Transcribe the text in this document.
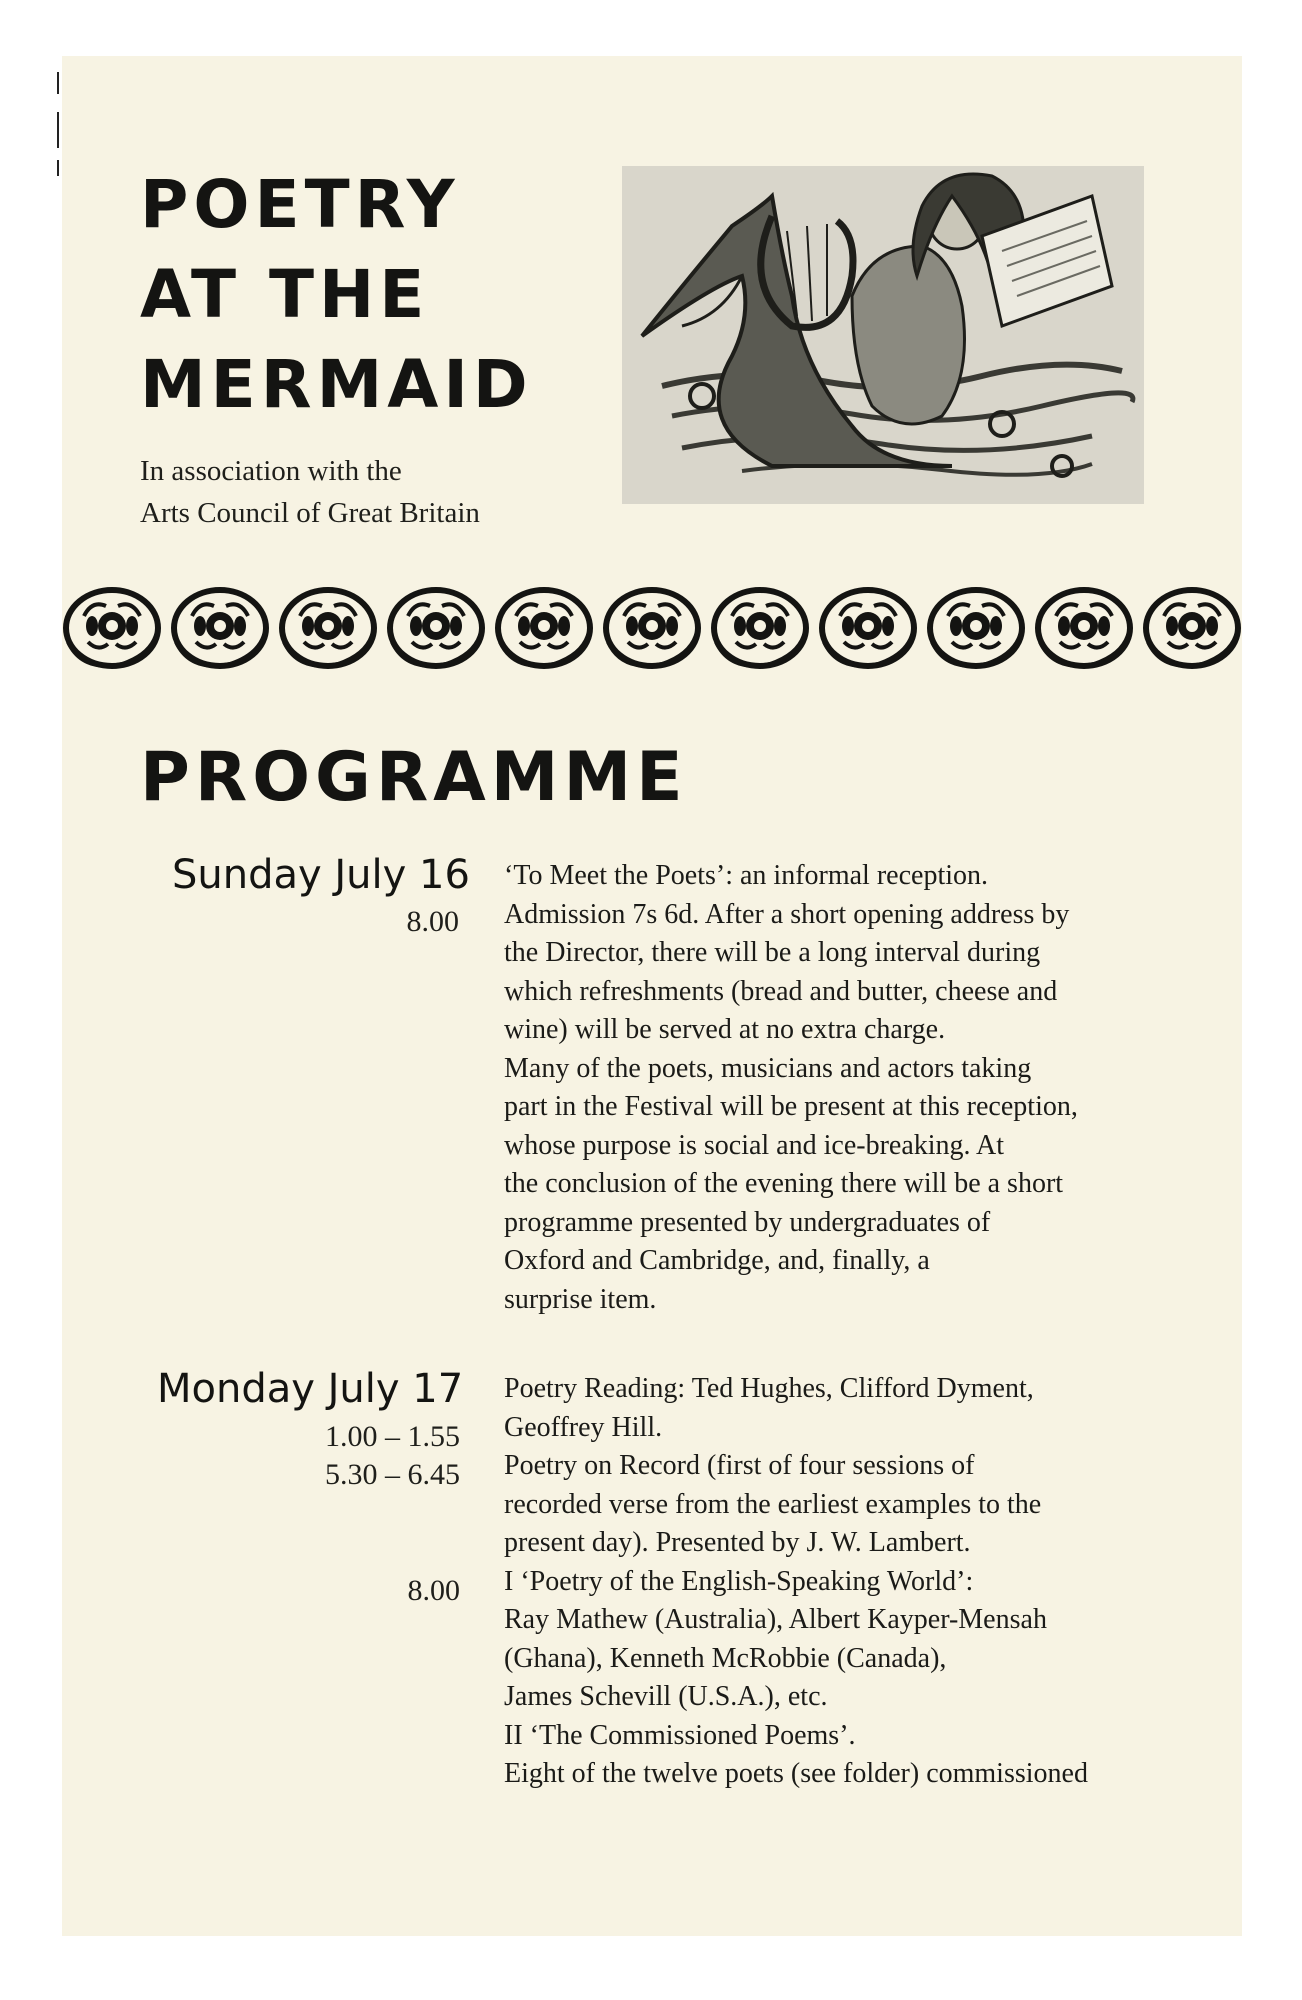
POETRY
AT THE
MERMAID
In association with the
Arts Council of Great Britain
PROGRAMME
Sunday July 16
8.00
‘To Meet the Poets’: an informal reception.
Admission 7s 6d. After a short opening address by
the Director, there will be a long interval during
which refreshments (bread and butter, cheese and
wine) will be served at no extra charge.
Many of the poets, musicians and actors taking
part in the Festival will be present at this reception,
whose purpose is social and ice-breaking. At
the conclusion of the evening there will be a short
programme presented by undergraduates of
Oxford and Cambridge, and, finally, a
surprise item.
Monday July 17
1.00 – 1.55
5.30 – 6.45
8.00
Poetry Reading: Ted Hughes, Clifford Dyment,
Geoffrey Hill.
Poetry on Record (first of four sessions of
recorded verse from the earliest examples to the
present day). Presented by J. W. Lambert.
I ‘Poetry of the English-Speaking World’:
Ray Mathew (Australia), Albert Kayper-Mensah
(Ghana), Kenneth McRobbie (Canada),
James Schevill (U.S.A.), etc.
II ‘The Commissioned Poems’.
Eight of the twelve poets (see folder) commissioned
